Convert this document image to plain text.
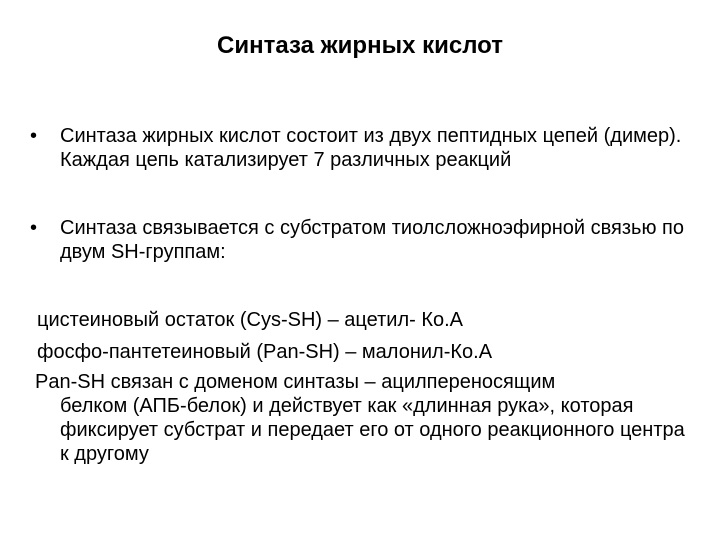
Синтаза жирных кислот
• Синтаза жирных кислот состоит из двух пептидных цепей (димер). Каждая цепь катализирует 7 различных реакций
• Синтаза связывается с субстратом тиолсложноэфирной связью по двум SH-группам:
цистеиновый остаток (Cys-SH) – ацетил- Ко.А
фосфо-пантетеиновый (Pan-SH) – малонил-Ко.А
Pan-SH связан с доменом синтазы – ацилпереносящим
белком (АПБ-белок) и действует как «длинная рука», которая фиксирует субстрат и передает его от одного реакционного центра к другому
